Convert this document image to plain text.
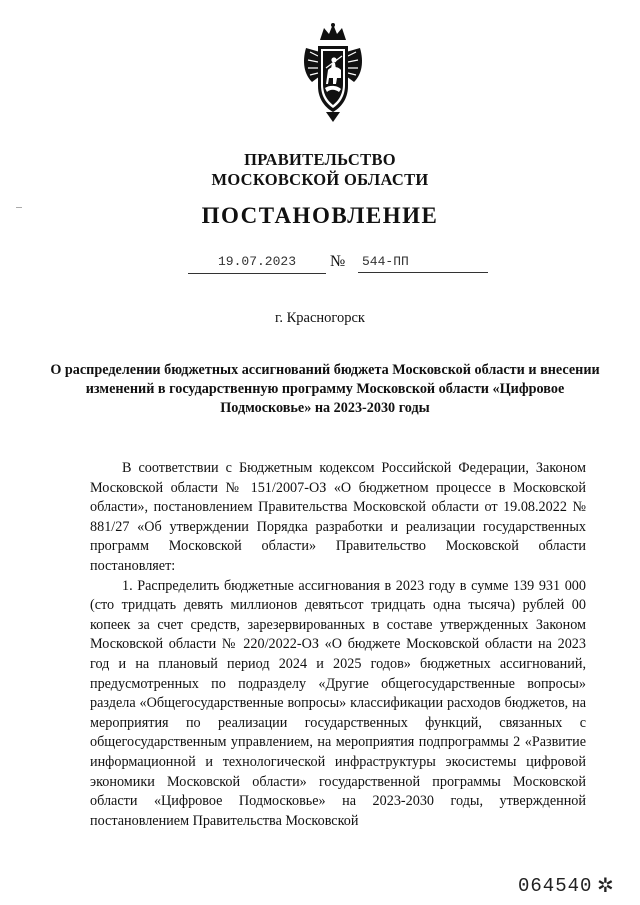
ПРАВИТЕЛЬСТВО
МОСКОВСКОЙ ОБЛАСТИ
ПОСТАНОВЛЕНИЕ
19.07.2023	№	544-ПП
г. Красногорск
О распределении бюджетных ассигнований бюджета Московской области и внесении изменений в государственную программу Московской области «Цифровое Подмосковье» на 2023-2030 годы

В соответствии с Бюджетным кодексом Российской Федерации, Законом Московской области № 151/2007-ОЗ «О бюджетном процессе в Московской области», постановлением Правительства Московской области от 19.08.2022 № 881/27 «Об утверждении Порядка разработки и реализации государственных программ Московской области» Правительство Московской области постановляет:

1. Распределить бюджетные ассигнования в 2023 году в сумме 139 931 000 (сто тридцать девять миллионов девятьсот тридцать одна тысяча) рублей 00 копеек за счет средств, зарезервированных в составе утвержденных Законом Московской области № 220/2022-ОЗ «О бюджете Московской области на 2023 год и на плановый период 2024 и 2025 годов» бюджетных ассигнований, предусмотренных по подразделу «Другие общегосударственные вопросы» раздела «Общегосударственные вопросы» классификации расходов бюджетов, на мероприятия по реализации государственных функций, связанных с общегосударственным управлением, на мероприятия подпрограммы 2 «Развитие информационной и технологической инфраструктуры экосистемы цифровой экономики Московской области» государственной программы Московской области «Цифровое Подмосковье» на 2023-2030 годы, утвержденной постановлением Правительства Московской

064540 ✲
